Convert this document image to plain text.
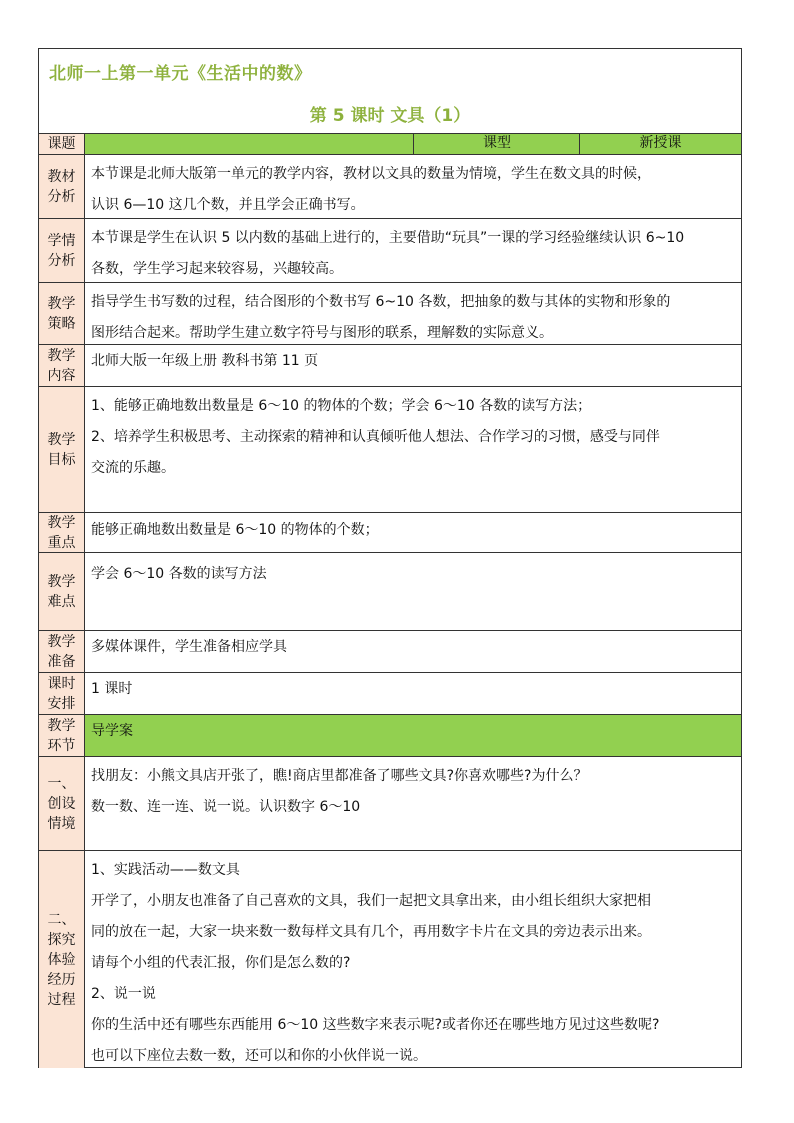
北师一上第一单元《生活中的数》
第 5 课时 文具（1）
课题	课型	新授课
教材分析
本节课是北师大版第一单元的教学内容，教材以文具的数量为情境，学生在数文具的时候，
认识 6—10 这几个数，并且学会正确书写。
学情分析
本节课是学生在认识 5 以内数的基础上进行的，主要借助“玩具”一课的学习经验继续认识 6~10
各数，学生学习起来较容易，兴趣较高。
教学策略
指导学生书写数的过程，结合图形的个数书写 6~10 各数，把抽象的数与其体的实物和形象的
图形结合起来。帮助学生建立数字符号与图形的联系，理解数的实际意义。
教学内容
北师大版一年级上册 教科书第 11 页
教学目标
1、能够正确地数出数量是 6～10 的物体的个数；学会 6～10 各数的读写方法；
2、培养学生积极思考、主动探索的精神和认真倾听他人想法、合作学习的习惯，感受与同伴
交流的乐趣。
教学重点
能够正确地数出数量是 6～10 的物体的个数；
教学难点
学会 6～10 各数的读写方法
教学准备
多媒体课件，学生准备相应学具
课时安排
1 课时
教学环节
导学案
一、创设情境
找朋友：小熊文具店开张了，瞧!商店里都准备了哪些文具?你喜欢哪些?为什么？
数一数、连一连、说一说。认识数字 6～10
二、探究体验经历过程
1、实践活动——数文具
开学了，小朋友也准备了自己喜欢的文具，我们一起把文具拿出来，由小组长组织大家把相
同的放在一起，大家一块来数一数每样文具有几个，再用数字卡片在文具的旁边表示出来。
请每个小组的代表汇报，你们是怎么数的?
2、说一说
你的生活中还有哪些东西能用 6～10 这些数字来表示呢?或者你还在哪些地方见过这些数呢?
也可以下座位去数一数，还可以和你的小伙伴说一说。
